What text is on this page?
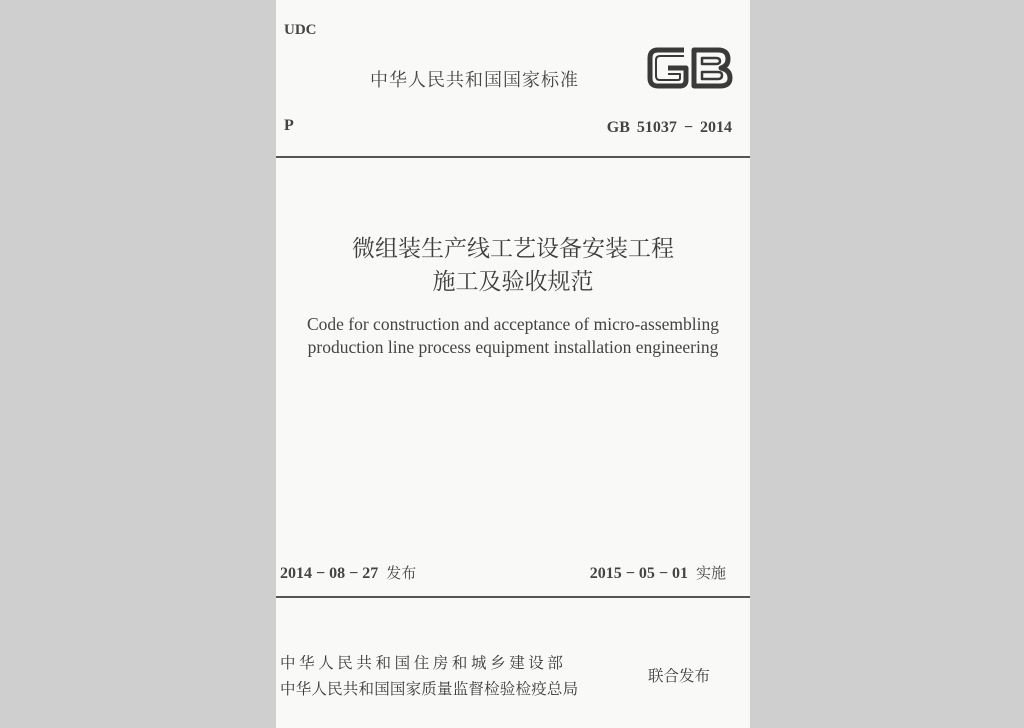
UDC
中华人民共和国国家标准
P	GB 51037 − 2014
微组装生产线工艺设备安装工程
施工及验收规范
Code for construction and acceptance of micro-assembling
production line process equipment installation engineering
2014 − 08 − 27 发布	2015 − 05 − 01 实施
中华人民共和国住房和城乡建设部
中华人民共和国国家质量监督检验检疫总局
联合发布
